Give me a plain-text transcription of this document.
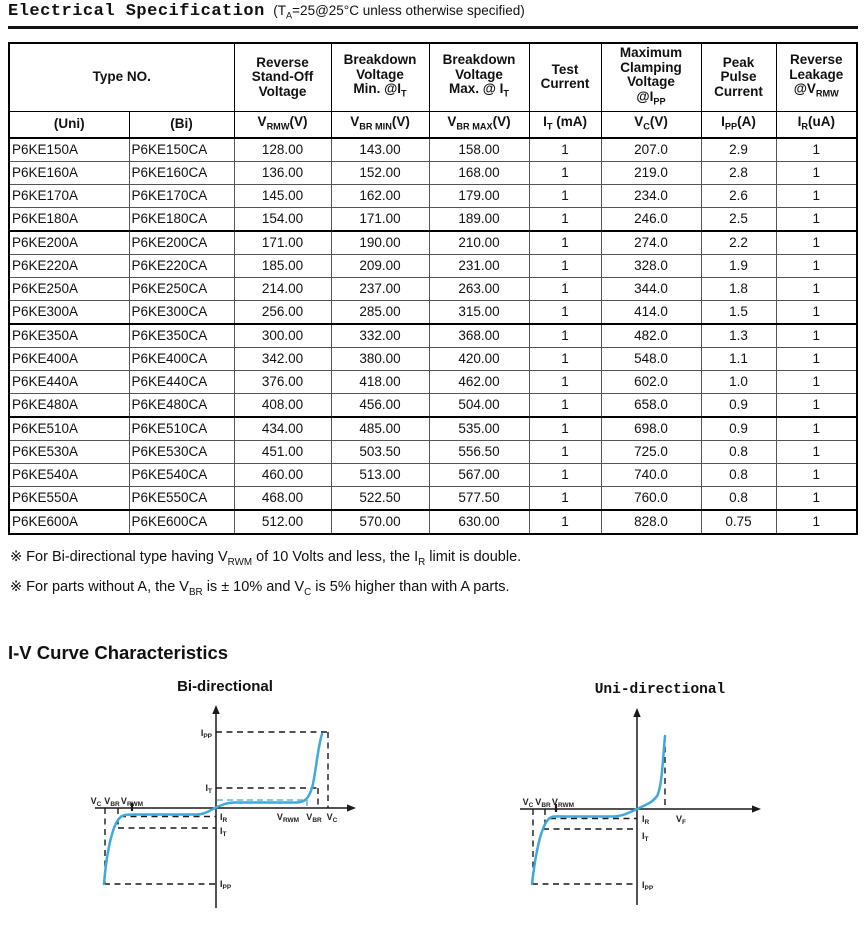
Electrical Specification ($T_A=25@25^\circ C$ unless otherwise specified)
Type NO.		Reverse
Stand-Off
Voltage	Breakdown
Voltage
Min. $@I_T$	Breakdown
Voltage
Max. @ $I_T$	Test
Current	Maximum
Clamping
Voltage
$@I_{PP}$	Peak
Pulse
Current	Reverse
Leakage
$@V_{RMW}$
(Uni)	(Bi)	$V_{RMW}(V)$	$V_{BR MIN}(V)$	$V_{BR MAX}(V)$	$I_T$ (mA)	$V_C(V)$	$I_{PP}(A)$	$I_R(uA)$
P6KE150A	P6KE150CA	128.00	143.00	158.00	1	207.0	2.9	1
P6KE160A	P6KE160CA	136.00	152.00	168.00	1	219.0	2.8	1
P6KE170A	P6KE170CA	145.00	162.00	179.00	1	234.0	2.6	1
P6KE180A	P6KE180CA	154.00	171.00	189.00	1	246.0	2.5	1
P6KE200A	P6KE200CA	171.00	190.00	210.00	1	274.0	2.2	1
P6KE220A	P6KE220CA	185.00	209.00	231.00	1	328.0	1.9	1
P6KE250A	P6KE250CA	214.00	237.00	263.00	1	344.0	1.8	1
P6KE300A	P6KE300CA	256.00	285.00	315.00	1	414.0	1.5	1
P6KE350A	P6KE350CA	300.00	332.00	368.00	1	482.0	1.3	1
P6KE400A	P6KE400CA	342.00	380.00	420.00	1	548.0	1.1	1
P6KE440A	P6KE440CA	376.00	418.00	462.00	1	602.0	1.0	1
P6KE480A	P6KE480CA	408.00	456.00	504.00	1	658.0	0.9	1
P6KE510A	P6KE510CA	434.00	485.00	535.00	1	698.0	0.9	1
P6KE530A	P6KE530CA	451.00	503.50	556.50	1	725.0	0.8	1
P6KE540A	P6KE540CA	460.00	513.00	567.00	1	740.0	0.8	1
P6KE550A	P6KE550CA	468.00	522.50	577.50	1	760.0	0.8	1
P6KE600A	P6KE600CA	512.00	570.00	630.00	1	828.0	0.75	1
※ For Bi-directional type having $V_{RWM}$ of 10 Volts and less, the $I_R$ limit is double.
※ For parts without A, the $V_{BR}$ is ± 10% and $V_C$ is 5% higher than with A parts.
I-V Curve Characteristics
Bi-directional	Uni-directional
$I_{PP}$
$I_T$
$V_C$ $V_{BR}$ $V_{RWM}$
$V_{RWM}$ $V_{BR}$ $V_C$
$I_R$
$I_T$
$I_{PP}$
$V_C$ $V_{BR}$ $V_{RWM}$
$V_F$
$I_R$
$I_T$
$I_{PP}$
